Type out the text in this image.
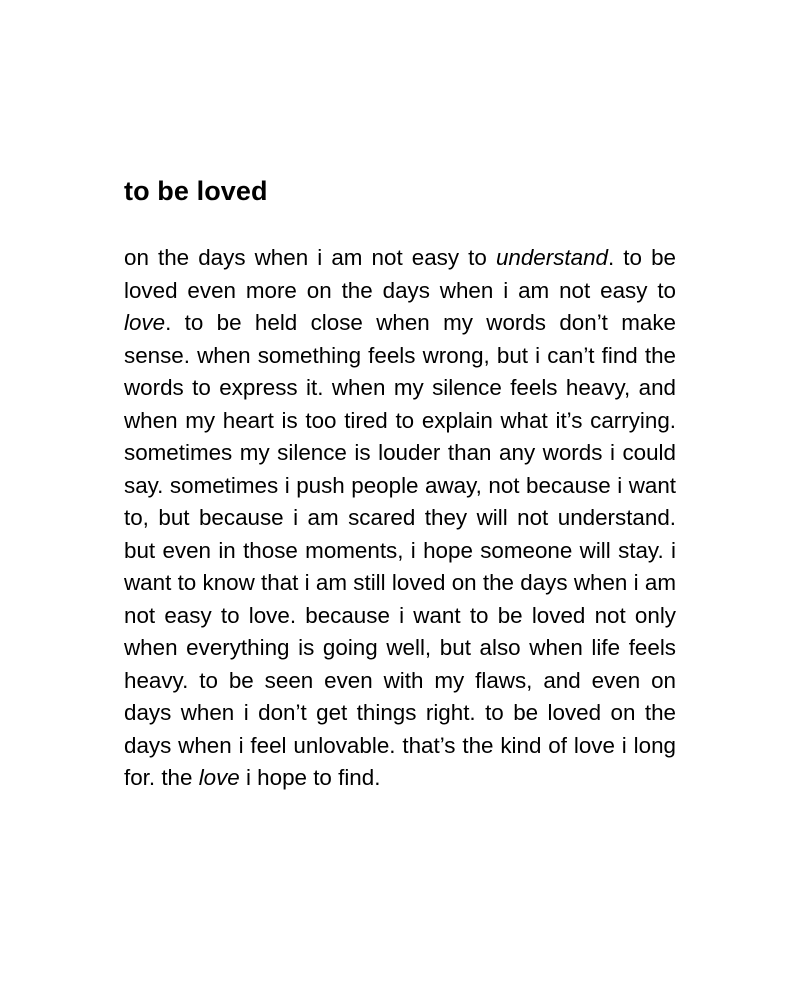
to be loved

on the days when i am not easy to understand. to be loved even more on the days when i am not easy to love. to be held close when my words don’t make sense. when something feels wrong, but i can’t find the words to express it. when my silence feels heavy, and when my heart is too tired to explain what it’s carrying. sometimes my silence is louder than any words i could say. sometimes i push people away, not because i want to, but because i am scared they will not understand. but even in those moments, i hope someone will stay. i want to know that i am still loved on the days when i am not easy to love. because i want to be loved not only when everything is going well, but also when life feels heavy. to be seen even with my flaws, and even on days when i don’t get things right. to be loved on the days when i feel unlovable. that’s the kind of love i long for. the love i hope to find.
